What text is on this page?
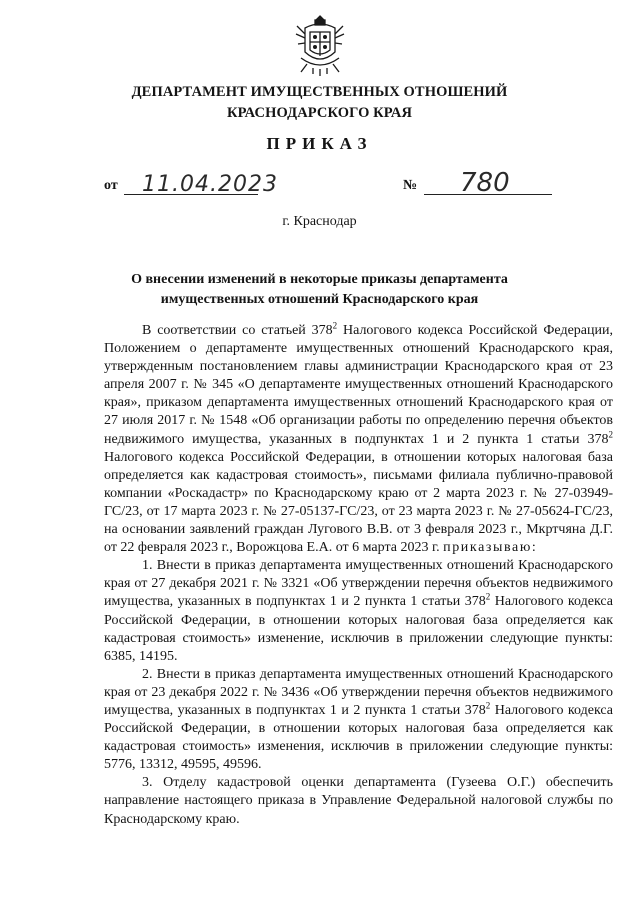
ДЕПАРТАМЕНТ ИМУЩЕСТВЕННЫХ ОТНОШЕНИЙ
КРАСНОДАРСКОГО КРАЯ
ПРИКАЗ
от 11.04.2023	№ 780
г. Краснодар
О внесении изменений в некоторые приказы департамента
имущественных отношений Краснодарского края

В соответствии со статьей $378^2$ Налогового кодекса Российской Федерации, Положением о департаменте имущественных отношений Краснодарского края, утвержденным постановлением главы администрации Краснодарского края от 23 апреля 2007 г. № 345 «О департаменте имущественных отношений Краснодарского края», приказом департамента имущественных отношений Краснодарского края от 27 июля 2017 г. № 1548 «Об организации работы по определению перечня объектов недвижимого имущества, указанных в подпунктах 1 и 2 пункта 1 статьи $378^2$ Налогового кодекса Российской Федерации, в отношении которых налоговая база определяется как кадастровая стоимость», письмами филиала публично-правовой компании «Роскадастр» по Краснодарскому краю от 2 марта 2023 г. № 27-03949-ГС/23, от 17 марта 2023 г. № 27-05137-ГС/23, от 23 марта 2023 г. № 27-05624-ГС/23, на основании заявлений граждан Лугового В.В. от 3 февраля 2023 г., Мкртчяна Д.Г. от 22 февраля 2023 г., Ворожцова Е.А. от 6 марта 2023 г. приказываю:

1. Внести в приказ департамента имущественных отношений Краснодарского края от 27 декабря 2021 г. № 3321 «Об утверждении перечня объектов недвижимого имущества, указанных в подпунктах 1 и 2 пункта 1 статьи $378^2$ Налогового кодекса Российской Федерации, в отношении которых налоговая база определяется как кадастровая стоимость» изменение, исключив в приложении следующие пункты: 6385, 14195.

2. Внести в приказ департамента имущественных отношений Краснодарского края от 23 декабря 2022 г. № 3436 «Об утверждении перечня объектов недвижимого имущества, указанных в подпунктах 1 и 2 пункта 1 статьи $378^2$ Налогового кодекса Российской Федерации, в отношении которых налоговая база определяется как кадастровая стоимость» изменения, исключив в приложении следующие пункты: 5776, 13312, 49595, 49596.

3. Отделу кадастровой оценки департамента (Гузеева О.Г.) обеспечить направление настоящего приказа в Управление Федеральной налоговой службы по Краснодарскому краю.
